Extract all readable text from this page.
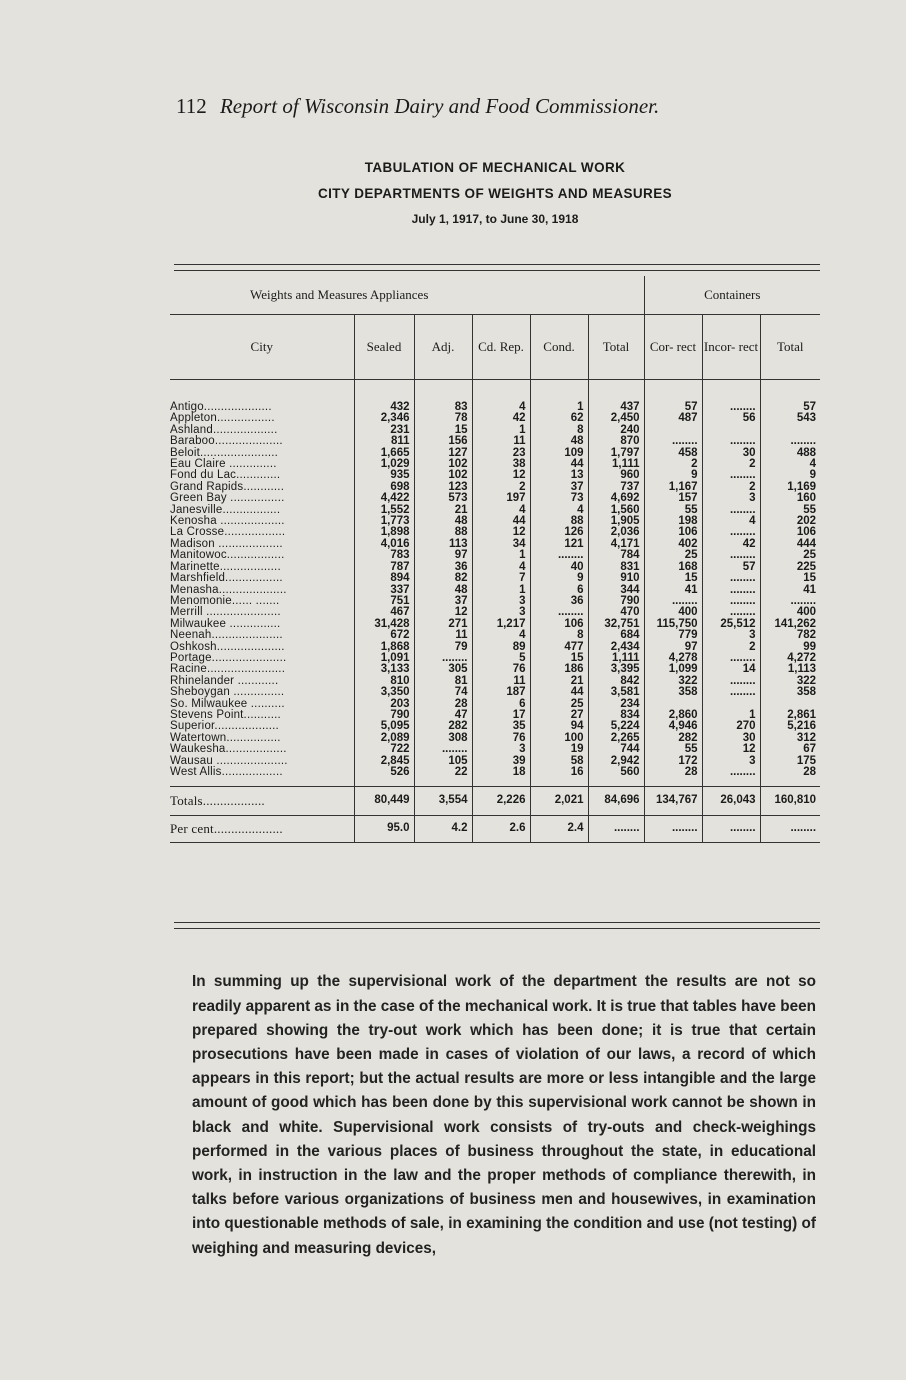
112 Report of Wisconsin Dairy and Food Commissioner.
TABULATION OF MECHANICAL WORK
CITY DEPARTMENTS OF WEIGHTS AND MEASURES
July 1, 1917, to June 30, 1918
Weights and Measures Appliances						Containers		
City	Sealed	Adj.	Cd. Rep.	Cond.	Total	Cor- rect	Incor- rect	Total

Antigo....................	432	83	4	1	437	57	........	57
Appleton.................	2,346	78	42	62	2,450	487	56	543
Ashland...................	231	15	1	8	240			
Baraboo....................	811	156	11	48	870	........	........	........
Beloit.......................	1,665	127	23	109	1,797	458	30	488
Eau Claire ..............	1,029	102	38	44	1,111	2	2	4
Fond du Lac.............	935	102	12	13	960	9	........	9
Grand Rapids............	698	123	2	37	737	1,167	2	1,169
Green Bay ................	4,422	573	197	73	4,692	157	3	160
Janesville.................	1,552	21	4	4	1,560	55	........	55
Kenosha ...................	1,773	48	44	88	1,905	198	4	202
La Crosse..................	1,898	88	12	126	2,036	106	........	106
Madison ...................	4,016	113	34	121	4,171	402	42	444
Manitowoc.................	783	97	1	........	784	25	........	25
Marinette..................	787	36	4	40	831	168	57	225
Marshfield.................	894	82	7	9	910	15	........	15
Menasha....................	337	48	1	6	344	41	........	41
Menomonie...... .......	751	37	3	36	790	........	........	........
Merrill ......................	467	12	3	........	470	400	........	400
Milwaukee ...............	31,428	271	1,217	106	32,751	115,750	25,512	141,262
Neenah.....................	672	11	4	8	684	779	3	782
Oshkosh....................	1,868	79	89	477	2,434	97	2	99
Portage......................	1,091	........	5	15	1,111	4,278	........	4,272
Racine.......................	3,133	305	76	186	3,395	1,099	14	1,113
Rhinelander ............	810	81	11	21	842	322	........	322
Sheboygan ...............	3,350	74	187	44	3,581	358	........	358
So. Milwaukee ..........	203	28	6	25	234			
Stevens Point...........	790	47	17	27	834	2,860	1	2,861
Superior...................	5,095	282	35	94	5,224	4,946	270	5,216
Watertown................	2,089	308	76	100	2,265	282	30	312
Waukesha..................	722	........	3	19	744	55	12	67
Wausau .....................	2,845	105	39	58	2,942	172	3	175
West Allis..................	526	22	18	16	560	28	........	28

Totals..................	80,449	3,554	2,226	2,021	84,696	134,767	26,043	160,810
Per cent....................	95.0	4.2	2.6	2.4	........	........	........	........

In summing up the supervisional work of the department the results are not so readily apparent as in the case of the mechanical work. It is true that tables have been prepared showing the try-out work which has been done; it is true that certain prosecutions have been made in cases of violation of our laws, a record of which appears in this report; but the actual results are more or less intangible and the large amount of good which has been done by this supervisional work cannot be shown in black and white. Supervisional work consists of try-outs and check-weighings performed in the various places of business throughout the state, in educational work, in instruction in the law and the proper methods of compliance therewith, in talks before various organizations of business men and housewives, in examination into questionable methods of sale, in examining the condition and use (not testing) of weighing and measuring devices,
